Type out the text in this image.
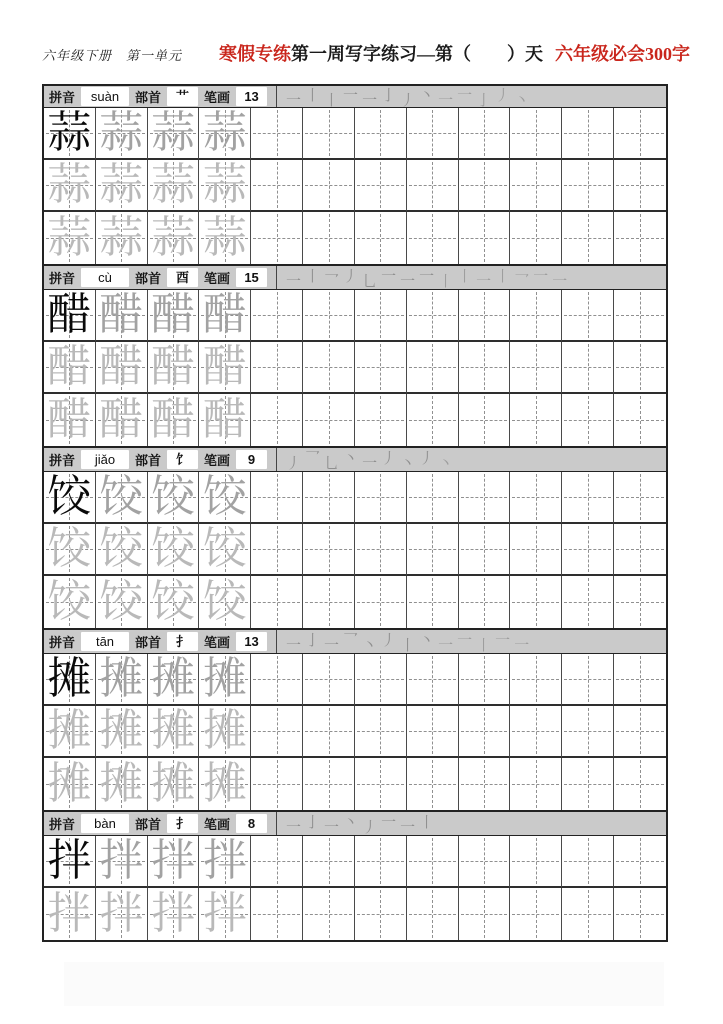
六年级下册　第一单元 寒假专练第一周写字练习—第（　　）天 六年级必会300字
拼音	suàn	部首	艹	笔画	13	一 丨 丨 一 一 亅 丿 丶 一 一 亅 丿 丶
蒜 蒜 蒜 蒜
蒜 蒜 蒜 蒜
蒜 蒜 蒜 蒜
拼音	cù	部首	酉	笔画	15	一 丨 乛 丿 乚 一 一 一 丨 丨 一 丨 乛 一 一
醋 醋 醋 醋
醋 醋 醋 醋
醋 醋 醋 醋
拼音	jiǎo	部首	饣	笔画	9	丿 乛 乚 丶 一 丿 丶 丿 丶
饺 饺 饺 饺
饺 饺 饺 饺
饺 饺 饺 饺
拼音	tān	部首	扌	笔画	13	一 亅 一 乛 丶 丿 丨 丶 一 一 丨 一 一
摊 摊 摊 摊
摊 摊 摊 摊
摊 摊 摊 摊
拼音	bàn	部首	扌	笔画	8	一 亅 一 丶 丿 一 一 丨
拌 拌 拌 拌
拌 拌 拌 拌
